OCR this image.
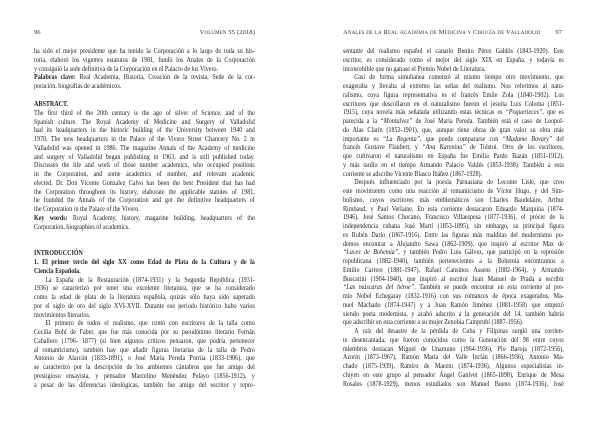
96	Volumen 55 (2018)
ha sido el mejor presidente que ha tenido la Corporación a lo largo de toda su his-
toria, elaboró los vigentes estatutos de 1981, fundó los Anales de la Corporación
y consiguió la sede definitiva de la Corporación en el Palacio de los Vivero.
Palabras clave: Real Academia, Historia, Creación de la revista, Sede de la cor-
poración, biografías de académicos.
ABSTRACT.
The first third of the 20th century is the age of silver of Science, and of the
Spanish culture. The Royal Academy of Medicine and Surgery of Valladolid
had its headquarters in the historic building of the University between 1940 and
1970. The new headquarters in the Palace of the Vivero Street Chancery No. 2 in
Valladolid was opened in 1986. The magazine Annals of the Academy of medicine
and surgery of Valladolid began publishing in 1963, and is still published today.
Discusses the life and work of those number academics, who occupied positions
in the Corporation, and some academics of number, and relevant academic
elected. Dr. Don Vicente Gonzalez Calvo has been the best President that has had
the Corporation throughout its history, elaborate the applicable statutes of 1981,
he founded the Annals of the Corporation and got the definitive headquarters of
the Corporation in the Palace of the Vivero.
Key words: Royal Academy, history, magazine building, headquarters of the
Corporation, biographies of academics.
INTRODUCCIÓN
1. El primer tercio del siglo XX como Edad de Plata de la Cultura y de la
Ciencia Española.
La España de la Restauración (1874-1931) y la Segunda República (1931-
1936) se caracterizó por tener una excelente literatura, que se ha considerado
como la edad de plata de la literatura española, quizás sólo haya sido superado
por el siglo de oro del siglo XVI-XVII. Durante ese periodo histórico hubo varios
movimientos literarios.
El primero de todos el realismo, que contó con escritores de la talla como
Cecilia Bohl de Faber, que fue más conocida por su pseudónimo literario Fernán
Caballero (1796- 1877) (si bien algunos críticos pensaron, que podría pertenecer
al romanticismo), también hay que añadir figuras literarias de la talla de Pedro
Antonio de Alarcón (1833-1891), o José María Pereda Porrúa (1833-1906), que
se caracterizó por la descripción de los ambientes cántabros que fue amigo del
prestigioso ensayista, y pensador Marcelino Menéndez Pelayo (1856-1912), y
a pesar de las diferencias ideológicas, también fue amigo del escritor y repre-
Anales de la Real Academia de Medicina y Cirugía de Valladolid 97
sentante del realismo español el canario Benito Pérez Galdós (1843-1920). Este
escritor, es considerado como el mejor del siglo XIX en España, y todavía es
inconcebible que no ganase el Premio Nobel de Literatura.
Casi de forma simultanea comenzó al mismo tiempo otro movimiento, que
exageraba y llevaba al extremo las señas del realismo. Nos referimos al natu-
ralismo, cuya figura representativa es el francés Emile Zola (1840-1902). Los
escritores que descollaron en el naturalismo fueron el jesuita Luis Coloma (1851-
1915), cuya novela más señalada utilizando estas técnicas es “Poquerieces”, que es
parecida a la “Montalvez” de José María Pereda. También está el caso de Leopol-
do Alas Clarín (1852-1901), que, aunque tiene obras de gran valor su obra más
importante es “La Regenta”, que puede compararse con “Madame Bovary” del
francés Gustave Flaubert, y “Ana Karenina” de Tolstoi. Otro de los escritores,
que cultivaron el naturalismo en España fue Emilia Pardo Bazán (1851-1912),
y más tardío en el tiempo Armando Palacio Valdés (1853-1938). También a esta
corriente se adscribe Vicente Blasco Ibáñez (1867-1928).
Después influenciado por la poesía Parnasiana de Leconte Lisle, que creo
este movimiento como una reacción al romanticismo de Víctor Hugo, y del Sim-
bolismo, cuyos escritores más emblemáticos son Charles Baudelaire, Arthur
Rimbaud, y Paul Verlaine. En esta corriente destacaron Eduardo Marquina (1874-
1946), José Santos Chocano, Francisco Villaespesa (1877-1936), el prócer de la
independencia cubana José Martí (1853-1895), sin embargo, su principal figura
es Rubén Darío (1867-1916). Entre las figuras más malditas del modernismo po-
demos encontrar a Alejandro Sawa (1862-1909), que inspiró al escritor Max de
“Luces de Bohemia”, y también Pedro Luis Gálvez, que participó en la represión
republicana (1882-1940), también pertenecientes a la Bohemia encontramos a
Emilio Carrere (1881-1947), Rafael Cansinos Assens (1882-1964), y Armando
Buscarini (1904-1940), que inspiró al escritor Juan Manuel de Prada a escribir
“Las máscaras del héroe”. También se puede encontrar en esta corriente al pre-
mio Nobel Echegaray (1832-1916) con sus romances de época exagerados, Ma-
nuel Machado (1874-1947) y a Juan Ramón Jiménez (1881-1958) que empezó
siendo poeta modernista, y acabó adscrito a la generación del 14, también habría
que adscribir en esta corriente a su mujer Zenobia Camprubí (1887-1956).
A raíz del desastre de la pérdida de Cuba y Filipinas surgió una corrien-
te desencantada, que fueron conocidos como la Generación del 98 entre cuyos
miembros destacan Miguel de Unamuno (1964-1936), Pío Baroja (1872-1956),
Azorín (1873-1967), Ramón María del Valle Inclán (1866-1936), Antonio Ma-
chado (1875-1939), Ramiro de Maeztu (1874-1936). Algunos especialistas in-
cluyen en este grupo al pensador Ángel Ganivet (1865-1898), Enrique de Mesa
Rosales (1878-1929), menos estudiados son Manuel Bueno (1874-1936), José
